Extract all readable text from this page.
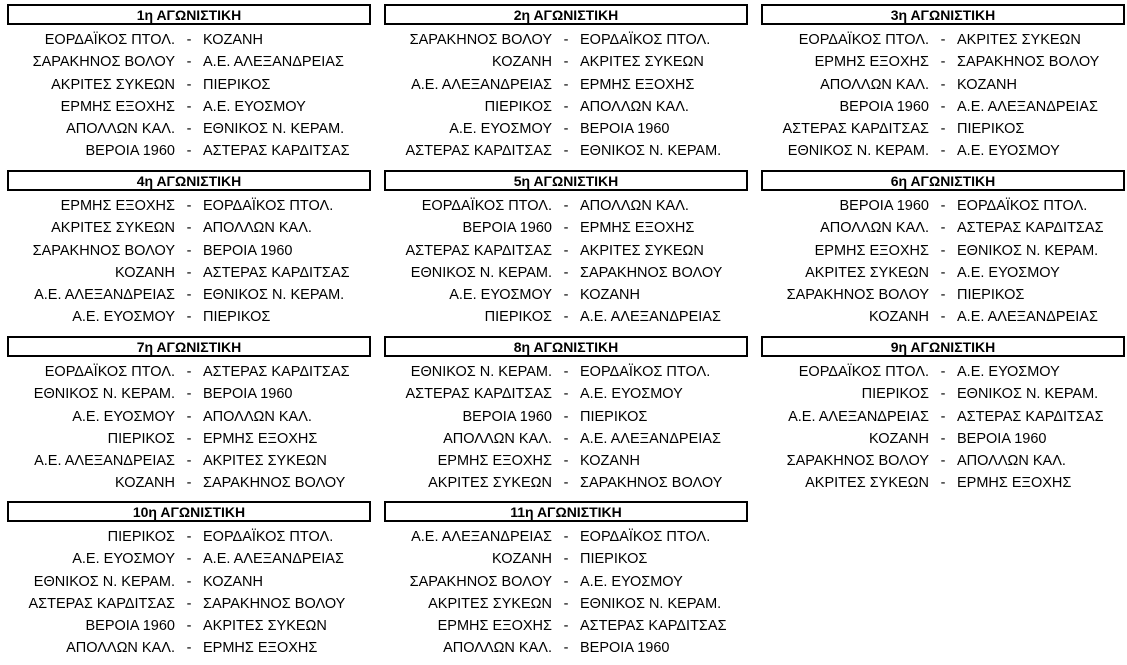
1η ΑΓΩΝΙΣΤΙΚΗ
ΕΟΡΔΑΪΚΟΣ ΠΤΟΛ. - ΚΟΖΑΝΗ
ΣΑΡΑΚΗΝΟΣ ΒΟΛΟΥ - Α.Ε. ΑΛΕΞΑΝΔΡΕΙΑΣ
ΑΚΡΙΤΕΣ ΣΥΚΕΩΝ - ΠΙΕΡΙΚΟΣ
ΕΡΜΗΣ ΕΞΟΧΗΣ - Α.Ε. ΕΥΟΣΜΟΥ
ΑΠΟΛΛΩΝ ΚΑΛ. - ΕΘΝΙΚΟΣ Ν. ΚΕΡΑΜ.
ΒΕΡΟΙΑ 1960 - ΑΣΤΕΡΑΣ ΚΑΡΔΙΤΣΑΣ
2η ΑΓΩΝΙΣΤΙΚΗ
ΣΑΡΑΚΗΝΟΣ ΒΟΛΟΥ - ΕΟΡΔΑΪΚΟΣ ΠΤΟΛ.
ΚΟΖΑΝΗ - ΑΚΡΙΤΕΣ ΣΥΚΕΩΝ
Α.Ε. ΑΛΕΞΑΝΔΡΕΙΑΣ - ΕΡΜΗΣ ΕΞΟΧΗΣ
ΠΙΕΡΙΚΟΣ - ΑΠΟΛΛΩΝ ΚΑΛ.
Α.Ε. ΕΥΟΣΜΟΥ - ΒΕΡΟΙΑ 1960
ΑΣΤΕΡΑΣ ΚΑΡΔΙΤΣΑΣ - ΕΘΝΙΚΟΣ Ν. ΚΕΡΑΜ.
3η ΑΓΩΝΙΣΤΙΚΗ
ΕΟΡΔΑΪΚΟΣ ΠΤΟΛ. - ΑΚΡΙΤΕΣ ΣΥΚΕΩΝ
ΕΡΜΗΣ ΕΞΟΧΗΣ - ΣΑΡΑΚΗΝΟΣ ΒΟΛΟΥ
ΑΠΟΛΛΩΝ ΚΑΛ. - ΚΟΖΑΝΗ
ΒΕΡΟΙΑ 1960 - Α.Ε. ΑΛΕΞΑΝΔΡΕΙΑΣ
ΑΣΤΕΡΑΣ ΚΑΡΔΙΤΣΑΣ - ΠΙΕΡΙΚΟΣ
ΕΘΝΙΚΟΣ Ν. ΚΕΡΑΜ. - Α.Ε. ΕΥΟΣΜΟΥ
4η ΑΓΩΝΙΣΤΙΚΗ
ΕΡΜΗΣ ΕΞΟΧΗΣ - ΕΟΡΔΑΪΚΟΣ ΠΤΟΛ.
ΑΚΡΙΤΕΣ ΣΥΚΕΩΝ - ΑΠΟΛΛΩΝ ΚΑΛ.
ΣΑΡΑΚΗΝΟΣ ΒΟΛΟΥ - ΒΕΡΟΙΑ 1960
ΚΟΖΑΝΗ - ΑΣΤΕΡΑΣ ΚΑΡΔΙΤΣΑΣ
Α.Ε. ΑΛΕΞΑΝΔΡΕΙΑΣ - ΕΘΝΙΚΟΣ Ν. ΚΕΡΑΜ.
Α.Ε. ΕΥΟΣΜΟΥ - ΠΙΕΡΙΚΟΣ
5η ΑΓΩΝΙΣΤΙΚΗ
ΕΟΡΔΑΪΚΟΣ ΠΤΟΛ. - ΑΠΟΛΛΩΝ ΚΑΛ.
ΒΕΡΟΙΑ 1960 - ΕΡΜΗΣ ΕΞΟΧΗΣ
ΑΣΤΕΡΑΣ ΚΑΡΔΙΤΣΑΣ - ΑΚΡΙΤΕΣ ΣΥΚΕΩΝ
ΕΘΝΙΚΟΣ Ν. ΚΕΡΑΜ. - ΣΑΡΑΚΗΝΟΣ ΒΟΛΟΥ
Α.Ε. ΕΥΟΣΜΟΥ - ΚΟΖΑΝΗ
ΠΙΕΡΙΚΟΣ - Α.Ε. ΑΛΕΞΑΝΔΡΕΙΑΣ
6η ΑΓΩΝΙΣΤΙΚΗ
ΒΕΡΟΙΑ 1960 - ΕΟΡΔΑΪΚΟΣ ΠΤΟΛ.
ΑΠΟΛΛΩΝ ΚΑΛ. - ΑΣΤΕΡΑΣ ΚΑΡΔΙΤΣΑΣ
ΕΡΜΗΣ ΕΞΟΧΗΣ - ΕΘΝΙΚΟΣ Ν. ΚΕΡΑΜ.
ΑΚΡΙΤΕΣ ΣΥΚΕΩΝ - Α.Ε. ΕΥΟΣΜΟΥ
ΣΑΡΑΚΗΝΟΣ ΒΟΛΟΥ - ΠΙΕΡΙΚΟΣ
ΚΟΖΑΝΗ - Α.Ε. ΑΛΕΞΑΝΔΡΕΙΑΣ
7η ΑΓΩΝΙΣΤΙΚΗ
ΕΟΡΔΑΪΚΟΣ ΠΤΟΛ. - ΑΣΤΕΡΑΣ ΚΑΡΔΙΤΣΑΣ
ΕΘΝΙΚΟΣ Ν. ΚΕΡΑΜ. - ΒΕΡΟΙΑ 1960
Α.Ε. ΕΥΟΣΜΟΥ - ΑΠΟΛΛΩΝ ΚΑΛ.
ΠΙΕΡΙΚΟΣ - ΕΡΜΗΣ ΕΞΟΧΗΣ
Α.Ε. ΑΛΕΞΑΝΔΡΕΙΑΣ - ΑΚΡΙΤΕΣ ΣΥΚΕΩΝ
ΚΟΖΑΝΗ - ΣΑΡΑΚΗΝΟΣ ΒΟΛΟΥ
8η ΑΓΩΝΙΣΤΙΚΗ
ΕΘΝΙΚΟΣ Ν. ΚΕΡΑΜ. - ΕΟΡΔΑΪΚΟΣ ΠΤΟΛ.
ΑΣΤΕΡΑΣ ΚΑΡΔΙΤΣΑΣ - Α.Ε. ΕΥΟΣΜΟΥ
ΒΕΡΟΙΑ 1960 - ΠΙΕΡΙΚΟΣ
ΑΠΟΛΛΩΝ ΚΑΛ. - Α.Ε. ΑΛΕΞΑΝΔΡΕΙΑΣ
ΕΡΜΗΣ ΕΞΟΧΗΣ - ΚΟΖΑΝΗ
ΑΚΡΙΤΕΣ ΣΥΚΕΩΝ - ΣΑΡΑΚΗΝΟΣ ΒΟΛΟΥ
9η ΑΓΩΝΙΣΤΙΚΗ
ΕΟΡΔΑΪΚΟΣ ΠΤΟΛ. - Α.Ε. ΕΥΟΣΜΟΥ
ΠΙΕΡΙΚΟΣ - ΕΘΝΙΚΟΣ Ν. ΚΕΡΑΜ.
Α.Ε. ΑΛΕΞΑΝΔΡΕΙΑΣ - ΑΣΤΕΡΑΣ ΚΑΡΔΙΤΣΑΣ
ΚΟΖΑΝΗ - ΒΕΡΟΙΑ 1960
ΣΑΡΑΚΗΝΟΣ ΒΟΛΟΥ - ΑΠΟΛΛΩΝ ΚΑΛ.
ΑΚΡΙΤΕΣ ΣΥΚΕΩΝ - ΕΡΜΗΣ ΕΞΟΧΗΣ
10η ΑΓΩΝΙΣΤΙΚΗ
ΠΙΕΡΙΚΟΣ - ΕΟΡΔΑΪΚΟΣ ΠΤΟΛ.
Α.Ε. ΕΥΟΣΜΟΥ - Α.Ε. ΑΛΕΞΑΝΔΡΕΙΑΣ
ΕΘΝΙΚΟΣ Ν. ΚΕΡΑΜ. - ΚΟΖΑΝΗ
ΑΣΤΕΡΑΣ ΚΑΡΔΙΤΣΑΣ - ΣΑΡΑΚΗΝΟΣ ΒΟΛΟΥ
ΒΕΡΟΙΑ 1960 - ΑΚΡΙΤΕΣ ΣΥΚΕΩΝ
ΑΠΟΛΛΩΝ ΚΑΛ. - ΕΡΜΗΣ ΕΞΟΧΗΣ
11η ΑΓΩΝΙΣΤΙΚΗ
Α.Ε. ΑΛΕΞΑΝΔΡΕΙΑΣ - ΕΟΡΔΑΪΚΟΣ ΠΤΟΛ.
ΚΟΖΑΝΗ - ΠΙΕΡΙΚΟΣ
ΣΑΡΑΚΗΝΟΣ ΒΟΛΟΥ - Α.Ε. ΕΥΟΣΜΟΥ
ΑΚΡΙΤΕΣ ΣΥΚΕΩΝ - ΕΘΝΙΚΟΣ Ν. ΚΕΡΑΜ.
ΕΡΜΗΣ ΕΞΟΧΗΣ - ΑΣΤΕΡΑΣ ΚΑΡΔΙΤΣΑΣ
ΑΠΟΛΛΩΝ ΚΑΛ. - ΒΕΡΟΙΑ 1960
